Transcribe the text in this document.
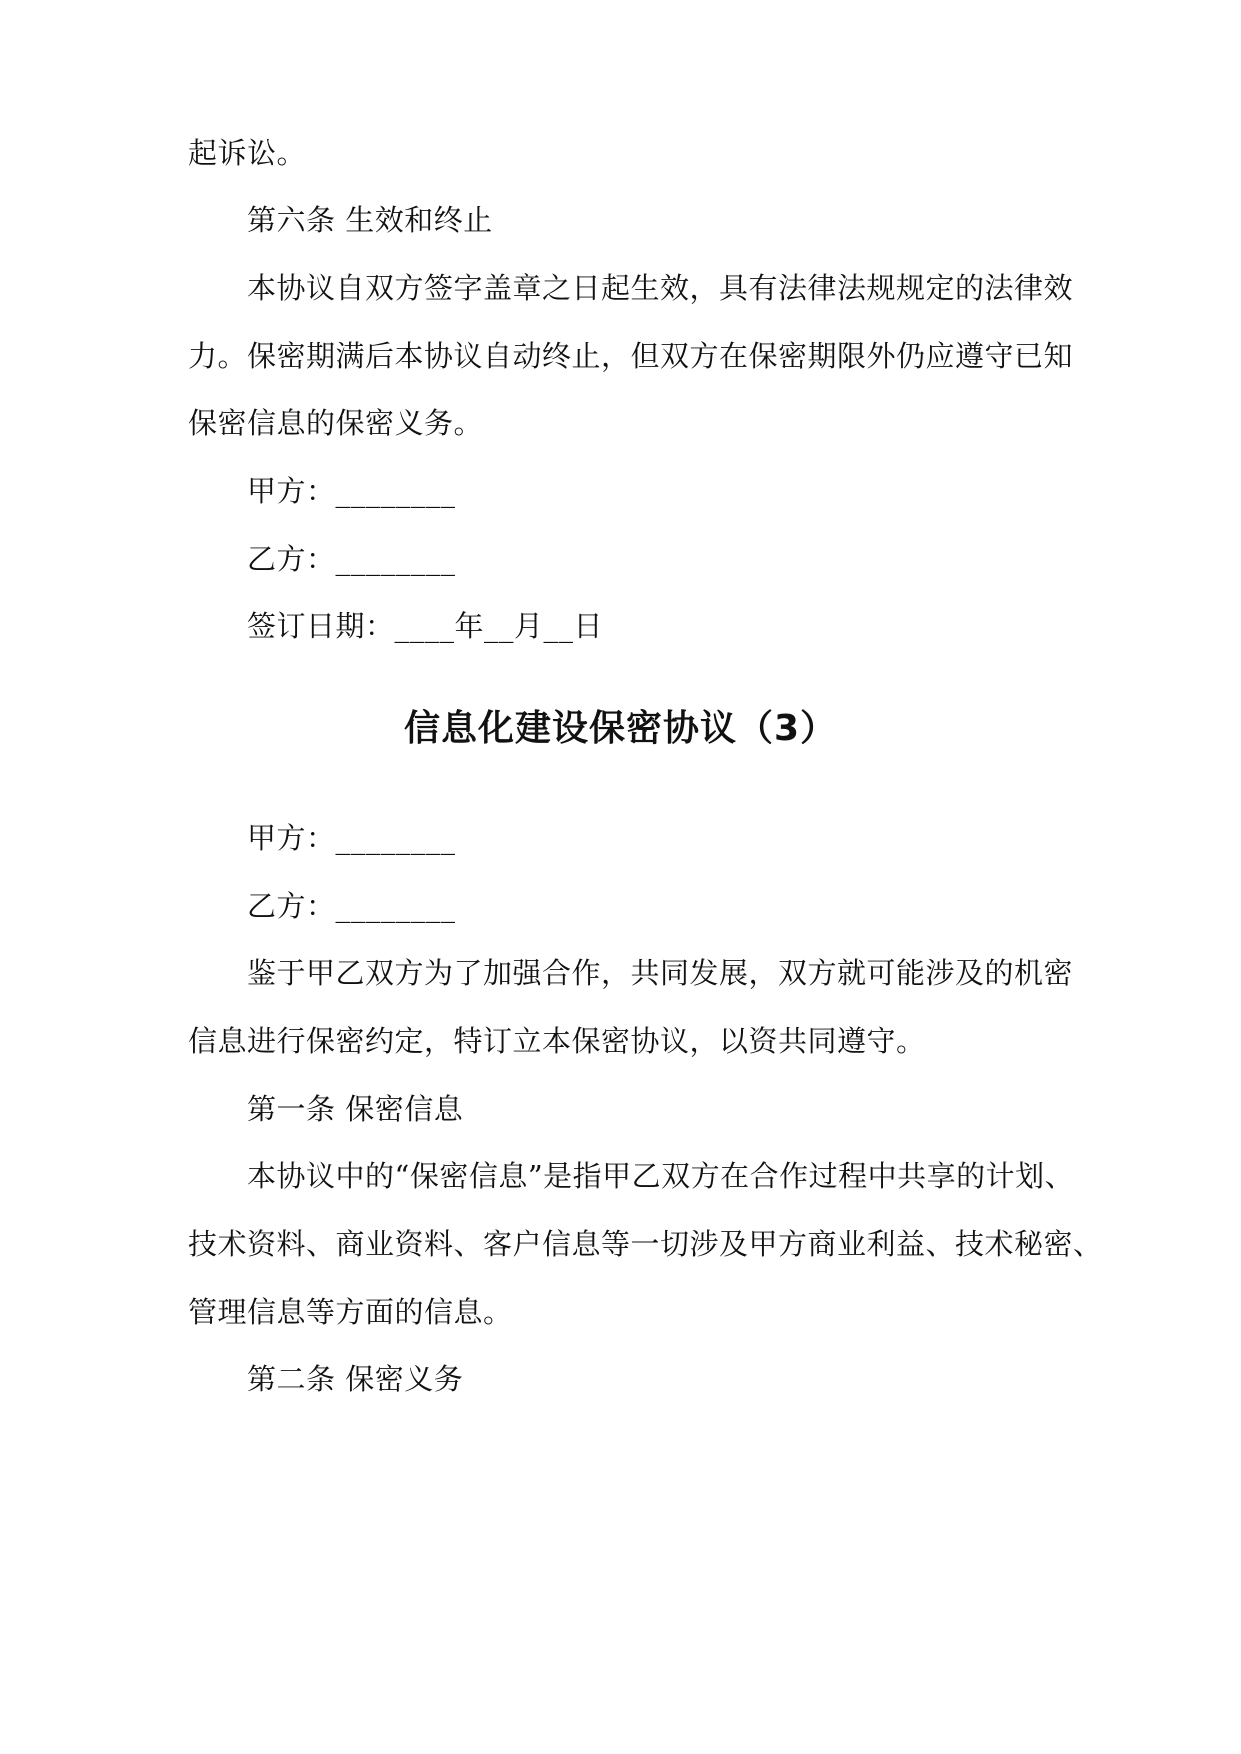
起诉讼。
第六条 生效和终止
本协议自双方签字盖章之日起生效，具有法律法规规定的法律效
力。保密期满后本协议自动终止，但双方在保密期限外仍应遵守已知
保密信息的保密义务。
甲方：________
乙方：________
签订日期：____年__月__日
信息化建设保密协议（3）
甲方：________
乙方：________
鉴于甲乙双方为了加强合作，共同发展，双方就可能涉及的机密
信息进行保密约定，特订立本保密协议，以资共同遵守。
第一条 保密信息
本协议中的“保密信息”是指甲乙双方在合作过程中共享的计划、
技术资料、商业资料、客户信息等一切涉及甲方商业利益、技术秘密、
管理信息等方面的信息。
第二条 保密义务
